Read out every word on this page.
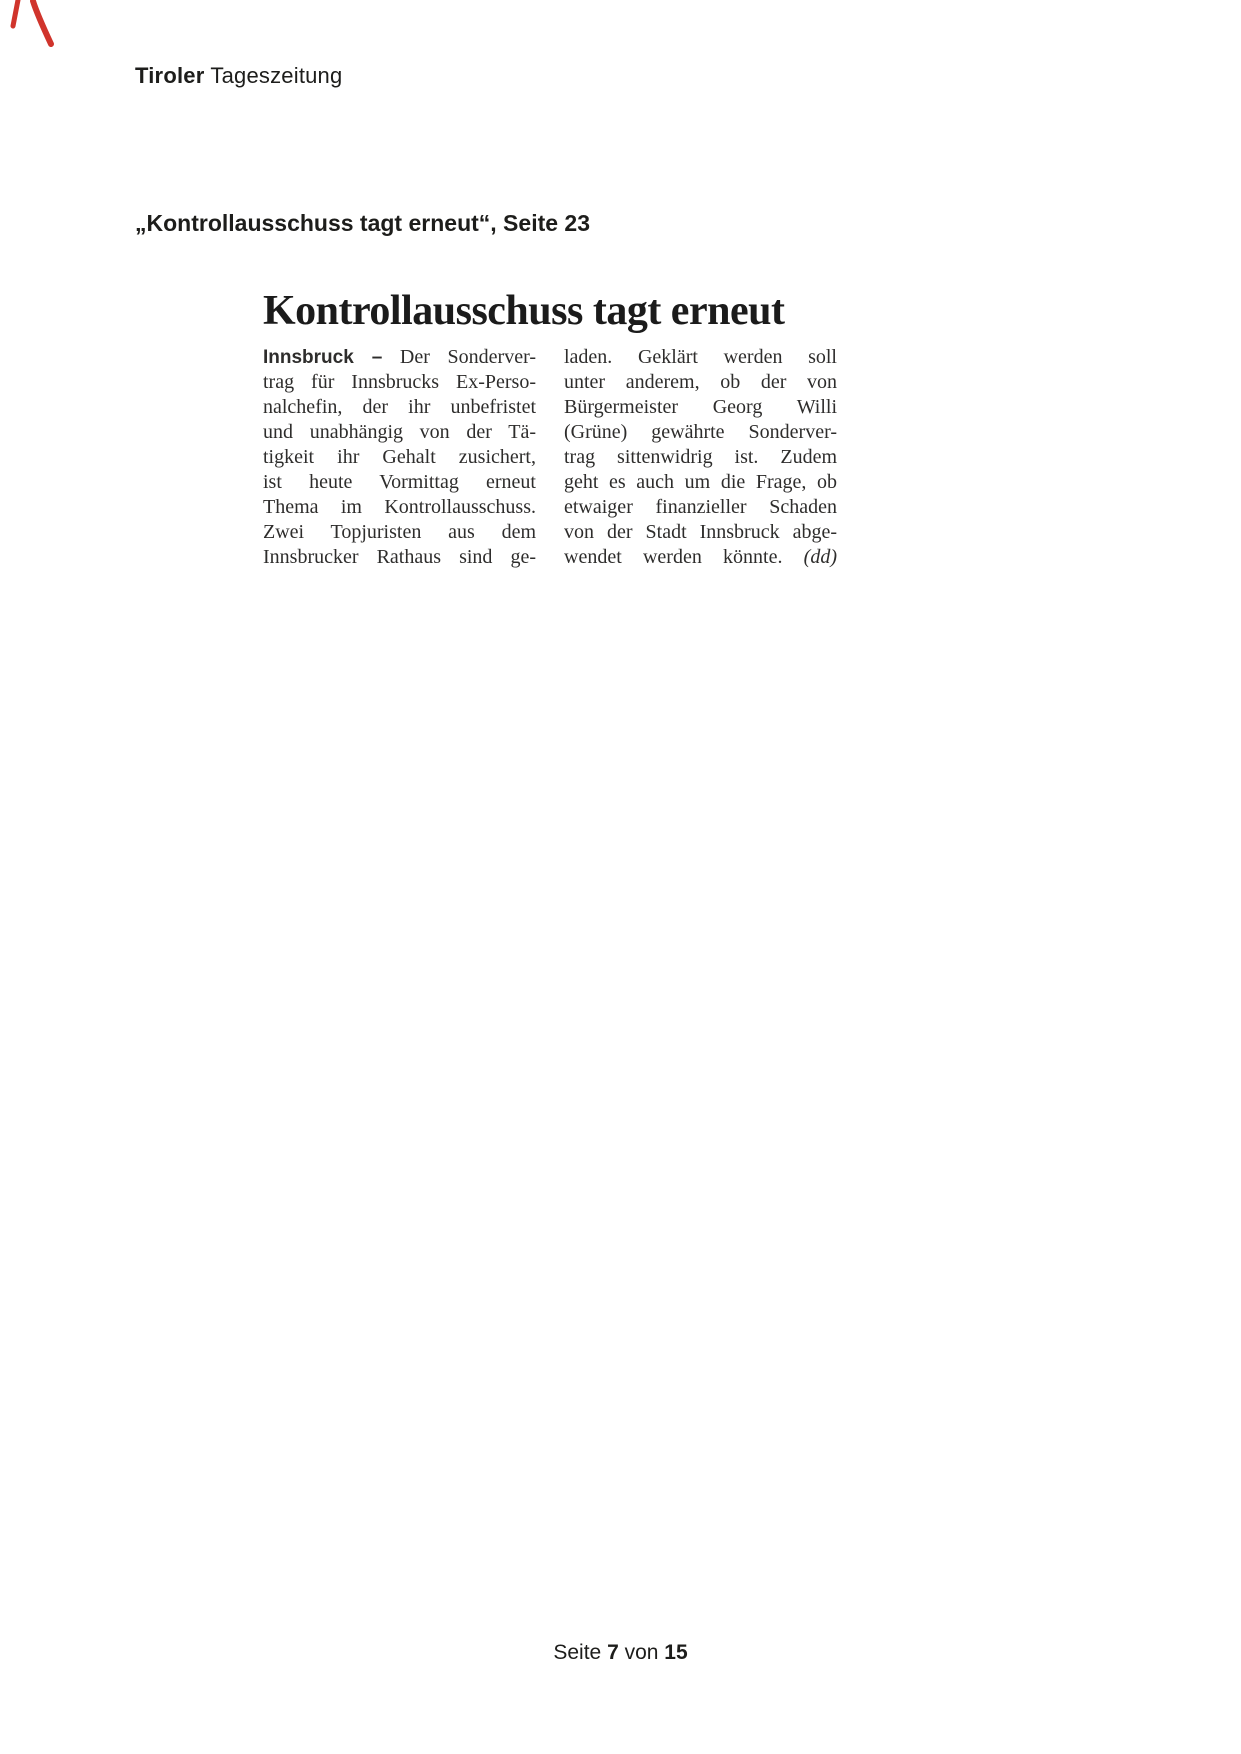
Tiroler Tageszeitung
„Kontrollausschuss tagt erneut“, Seite 23
Kontrollausschuss tagt erneut
Innsbruck – Der Sonderver-
trag für Innsbrucks Ex-Perso-
nalchefin, der ihr unbefristet
und unabhängig von der Tä-
tigkeit ihr Gehalt zusichert,
ist heute Vormittag erneut
Thema im Kontrollausschuss.
Zwei Topjuristen aus dem
Innsbrucker Rathaus sind ge-
laden. Geklärt werden soll
unter anderem, ob der von
Bürgermeister Georg Willi
(Grüne) gewährte Sonderver-
trag sittenwidrig ist. Zudem
geht es auch um die Frage, ob
etwaiger finanzieller Schaden
von der Stadt Innsbruck abge-
wendet werden könnte. (dd)
Seite 7 von 15
